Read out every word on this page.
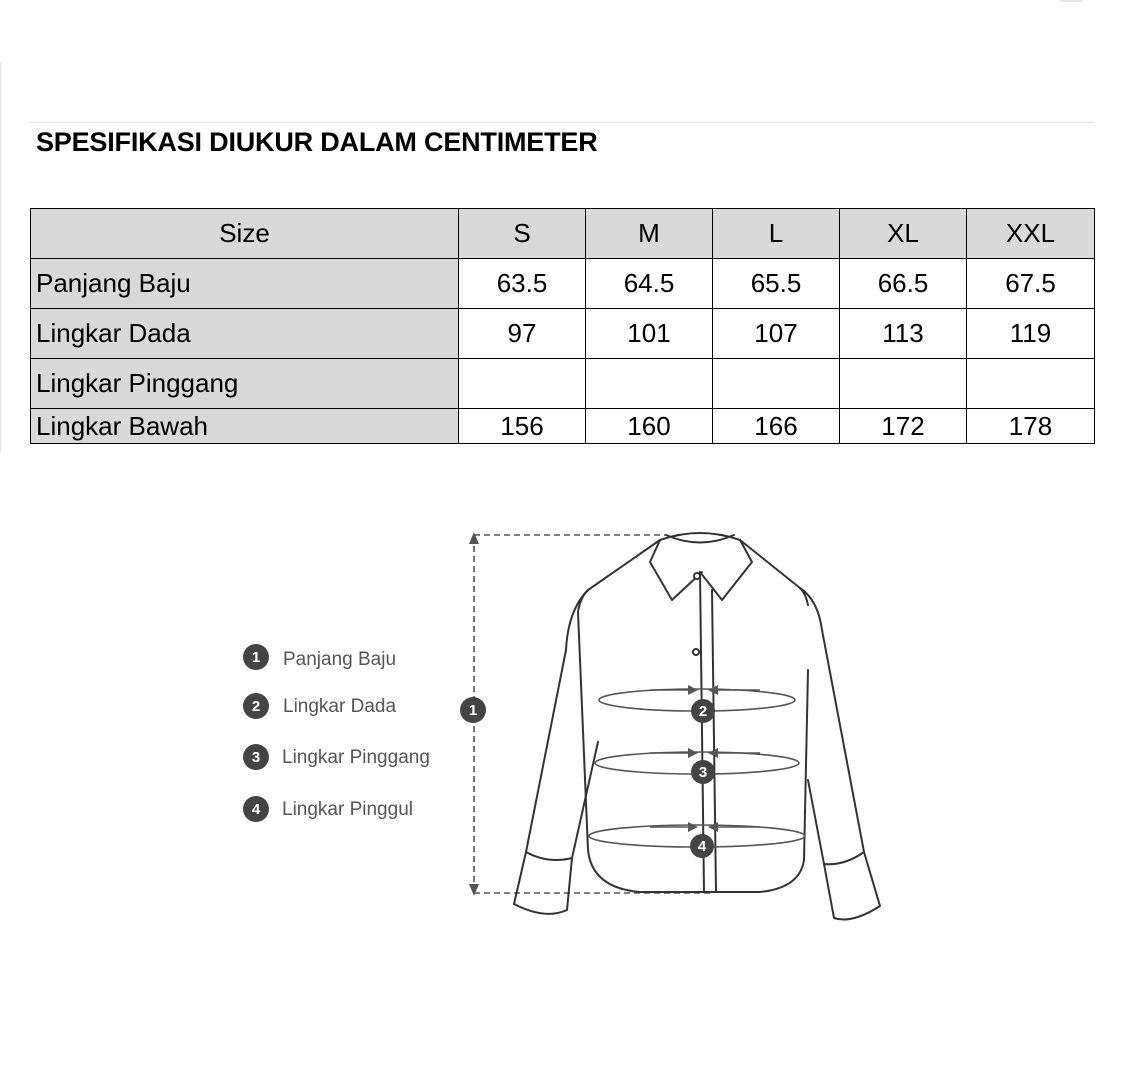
SPESIFIKASI DIUKUR DALAM CENTIMETER
Size	S	M	L	XL	XXL
Panjang Baju	63.5	64.5	65.5	66.5	67.5
Lingkar Dada	97	101	107	113	119
Lingkar Pinggang					
Lingkar Bawah	156	160	166	172	178
1 Panjang Baju
2 Lingkar Dada
3 Lingkar Pinggang
4 Lingkar Pinggul
1	2
3
4
